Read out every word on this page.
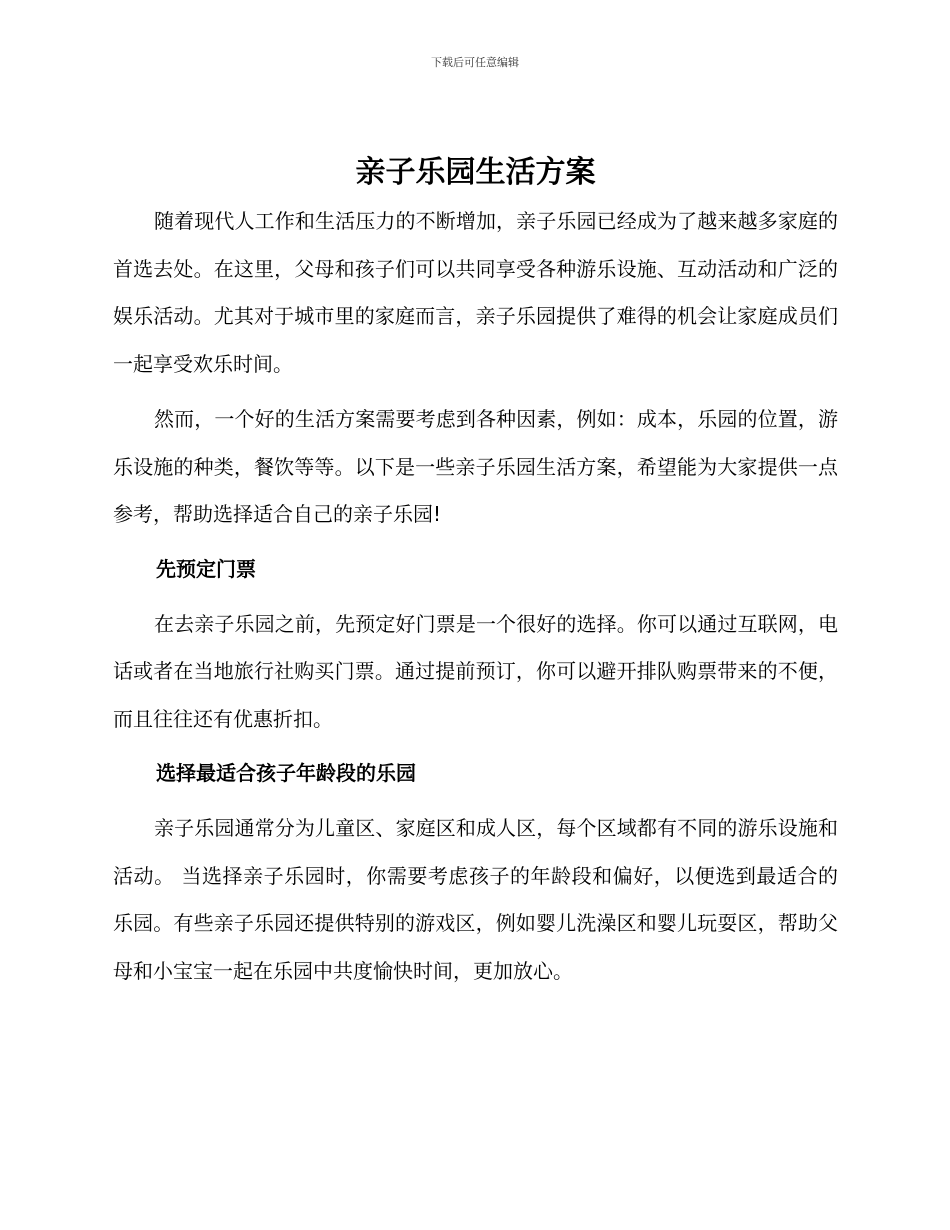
下载后可任意编辑
亲子乐园生活方案

随着现代人工作和生活压力的不断增加，亲子乐园已经成为了越来越多家庭的首选去处。在这里，父母和孩子们可以共同享受各种游乐设施、互动活动和广泛的娱乐活动。尤其对于城市里的家庭而言，亲子乐园提供了难得的机会让家庭成员们一起享受欢乐时间。

然而，一个好的生活方案需要考虑到各种因素，例如：成本，乐园的位置，游乐设施的种类，餐饮等等。以下是一些亲子乐园生活方案，希望能为大家提供一点参考，帮助选择适合自己的亲子乐园!

先预定门票

在去亲子乐园之前，先预定好门票是一个很好的选择。你可以通过互联网，电话或者在当地旅行社购买门票。通过提前预订，你可以避开排队购票带来的不便，而且往往还有优惠折扣。

选择最适合孩子年龄段的乐园

亲子乐园通常分为儿童区、家庭区和成人区，每个区域都有不同的游乐设施和活动。 当选择亲子乐园时，你需要考虑孩子的年龄段和偏好，以便选到最适合的乐园。有些亲子乐园还提供特别的游戏区，例如婴儿洗澡区和婴儿玩耍区，帮助父母和小宝宝一起在乐园中共度愉快时间，更加放心。
